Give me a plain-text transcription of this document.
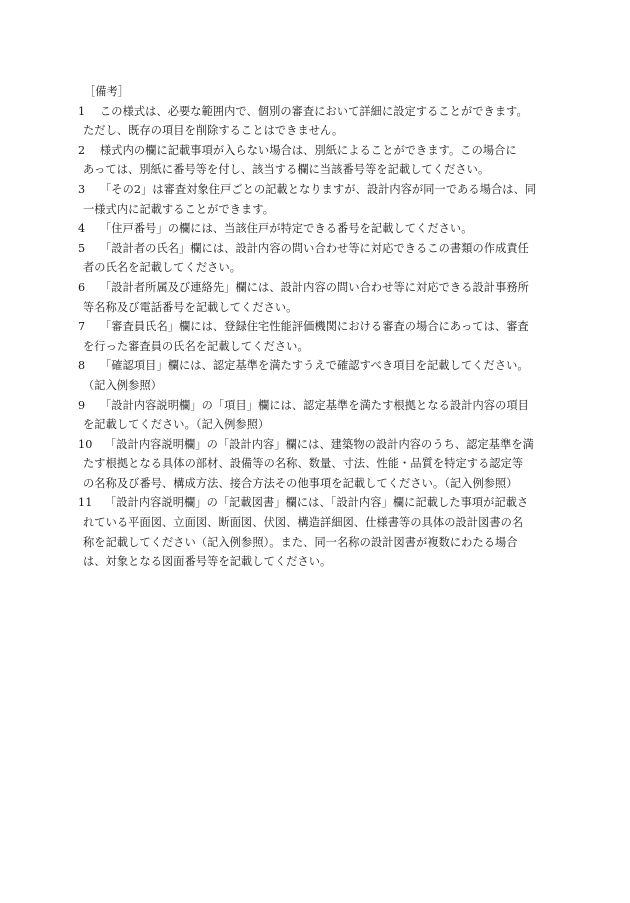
［備考］
1	この様式は、必要な範囲内で、個別の審査において詳細に設定することができます。
ただし、既存の項目を削除することはできません。
2	様式内の欄に記載事項が入らない場合は、別紙によることができます。この場合に
あっては、別紙に番号等を付し、該当する欄に当該番号等を記載してください。
3	「その2」は審査対象住戸ごとの記載となりますが、設計内容が同一である場合は、同
一様式内に記載することができます。
4	「住戸番号」の欄には、当該住戸が特定できる番号を記載してください。
5	「設計者の氏名」欄には、設計内容の問い合わせ等に対応できるこの書類の作成責任
者の氏名を記載してください。
6	「設計者所属及び連絡先」欄には、設計内容の問い合わせ等に対応できる設計事務所
等名称及び電話番号を記載してください。
7	「審査員氏名」欄には、登録住宅性能評価機関における審査の場合にあっては、審査
を行った審査員の氏名を記載してください。
8	「確認項目」欄には、認定基準を満たすうえで確認すべき項目を記載してください。
（記入例参照）
9	「設計内容説明欄」の「項目」欄には、認定基準を満たす根拠となる設計内容の項目
を記載してください。（記入例参照）
10	「設計内容説明欄」の「設計内容」欄には、建築物の設計内容のうち、認定基準を満
たす根拠となる具体の部材、設備等の名称、数量、寸法、性能・品質を特定する認定等
の名称及び番号、構成方法、接合方法その他事項を記載してください。（記入例参照）
11	「設計内容説明欄」の「記載図書」欄には、「設計内容」欄に記載した事項が記載さ
れている平面図、立面図、断面図、伏図、構造詳細図、仕様書等の具体の設計図書の名
称を記載してください（記入例参照）。また、同一名称の設計図書が複数にわたる場合
は、対象となる図面番号等を記載してください。
